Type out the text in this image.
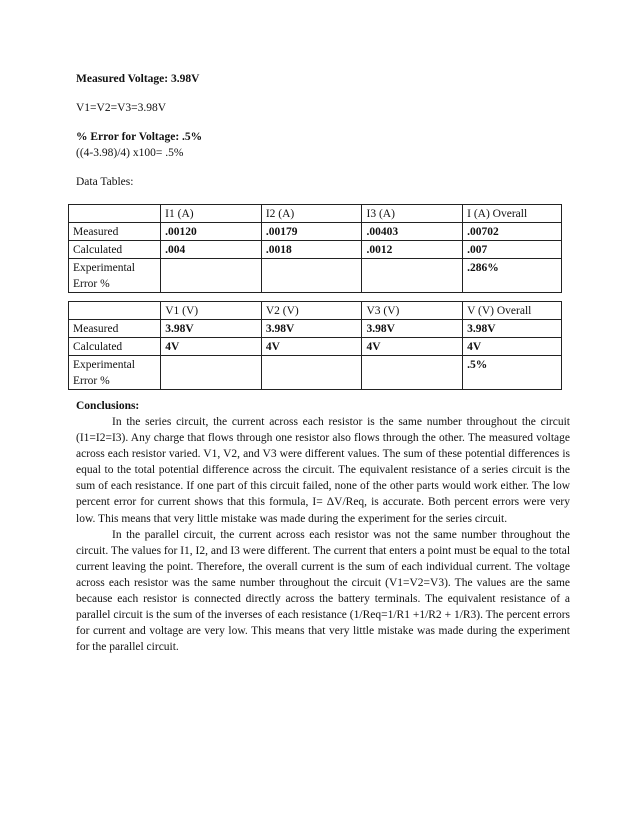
Measured Voltage: 3.98V
V1=V2=V3=3.98V
% Error for Voltage: .5%
((4-3.98)/4) x100= .5%
Data Tables:
	I1 (A)	I2 (A)	I3 (A)	I (A) Overall
Measured	.00120	.00179	.00403	.00702
Calculated	.004	.0018	.0012	.007

Experimental
Error %				.286%
	V1 (V)	V2 (V)	V3 (V)	V (V) Overall
Measured	3.98V	3.98V	3.98V	3.98V
Calculated	4V	4V	4V	4V

Experimental
Error %				.5%
Conclusions:

In the series circuit, the current across each resistor is the same number throughout the circuit (I1=I2=I3). Any charge that flows through one resistor also flows through the other. The measured voltage across each resistor varied. V1, V2, and V3 were different values. The sum of these potential differences is equal to the total potential difference across the circuit. The equivalent resistance of a series circuit is the sum of each resistance. If one part of this circuit failed, none of the other parts would work either. The low percent error for current shows that this formula, I= ΔV/Req, is accurate. Both percent errors were very low. This means that very little mistake was made during the experiment for the series circuit.

In the parallel circuit, the current across each resistor was not the same number throughout the circuit. The values for I1, I2, and I3 were different. The current that enters a point must be equal to the total current leaving the point. Therefore, the overall current is the sum of each individual current. The voltage across each resistor was the same number throughout the circuit (V1=V2=V3). The values are the same because each resistor is connected directly across the battery terminals. The equivalent resistance of a parallel circuit is the sum of the inverses of each resistance (1/Req=1/R1 +1/R2 + 1/R3). The percent errors for current and voltage are very low. This means that very little mistake was made during the experiment for the parallel circuit.
